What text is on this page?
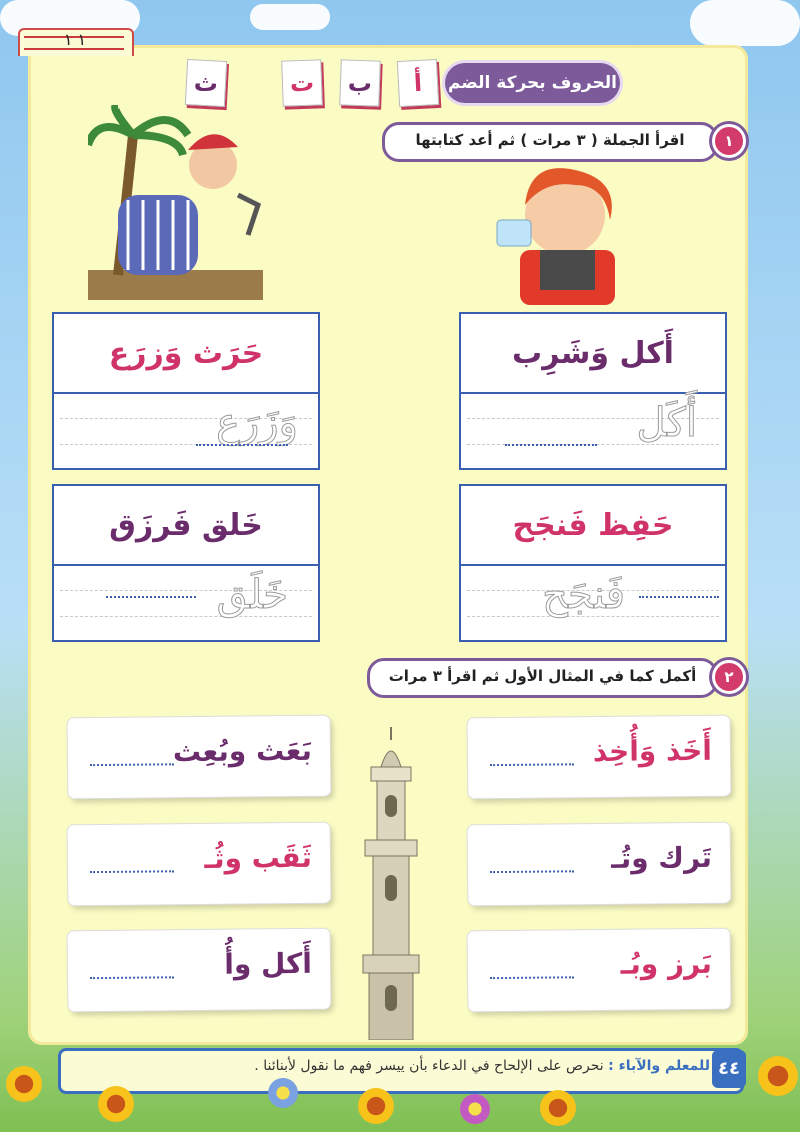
١ ١
الحروف بحركة الضم
أ
ب
ت
ث
اقرأ الجملة ( ٣ مرات ) ثم أعد كتابتها	١
أَكل وَشَرِب
أَكَل
حَرَث وَزرَع
وَزَرَع
حَفِظ فَنجَح
فَنجَح
خَلق فَرزَق
خَلَق
أكمل كما في المثال الأول ثم اقرأ ٣ مرات	٢
أَخَذ وَأُخِذ
تَرك وتُـ
بَرز وبُـ
بَعَث وبُعِث
ثَقَب وثُـ
أَكل وأُ
٤٤
للمعلم والآباء : نحرص على الإلحاح في الدعاء بأن ييسر فهم ما نقول لأبنائنا .
